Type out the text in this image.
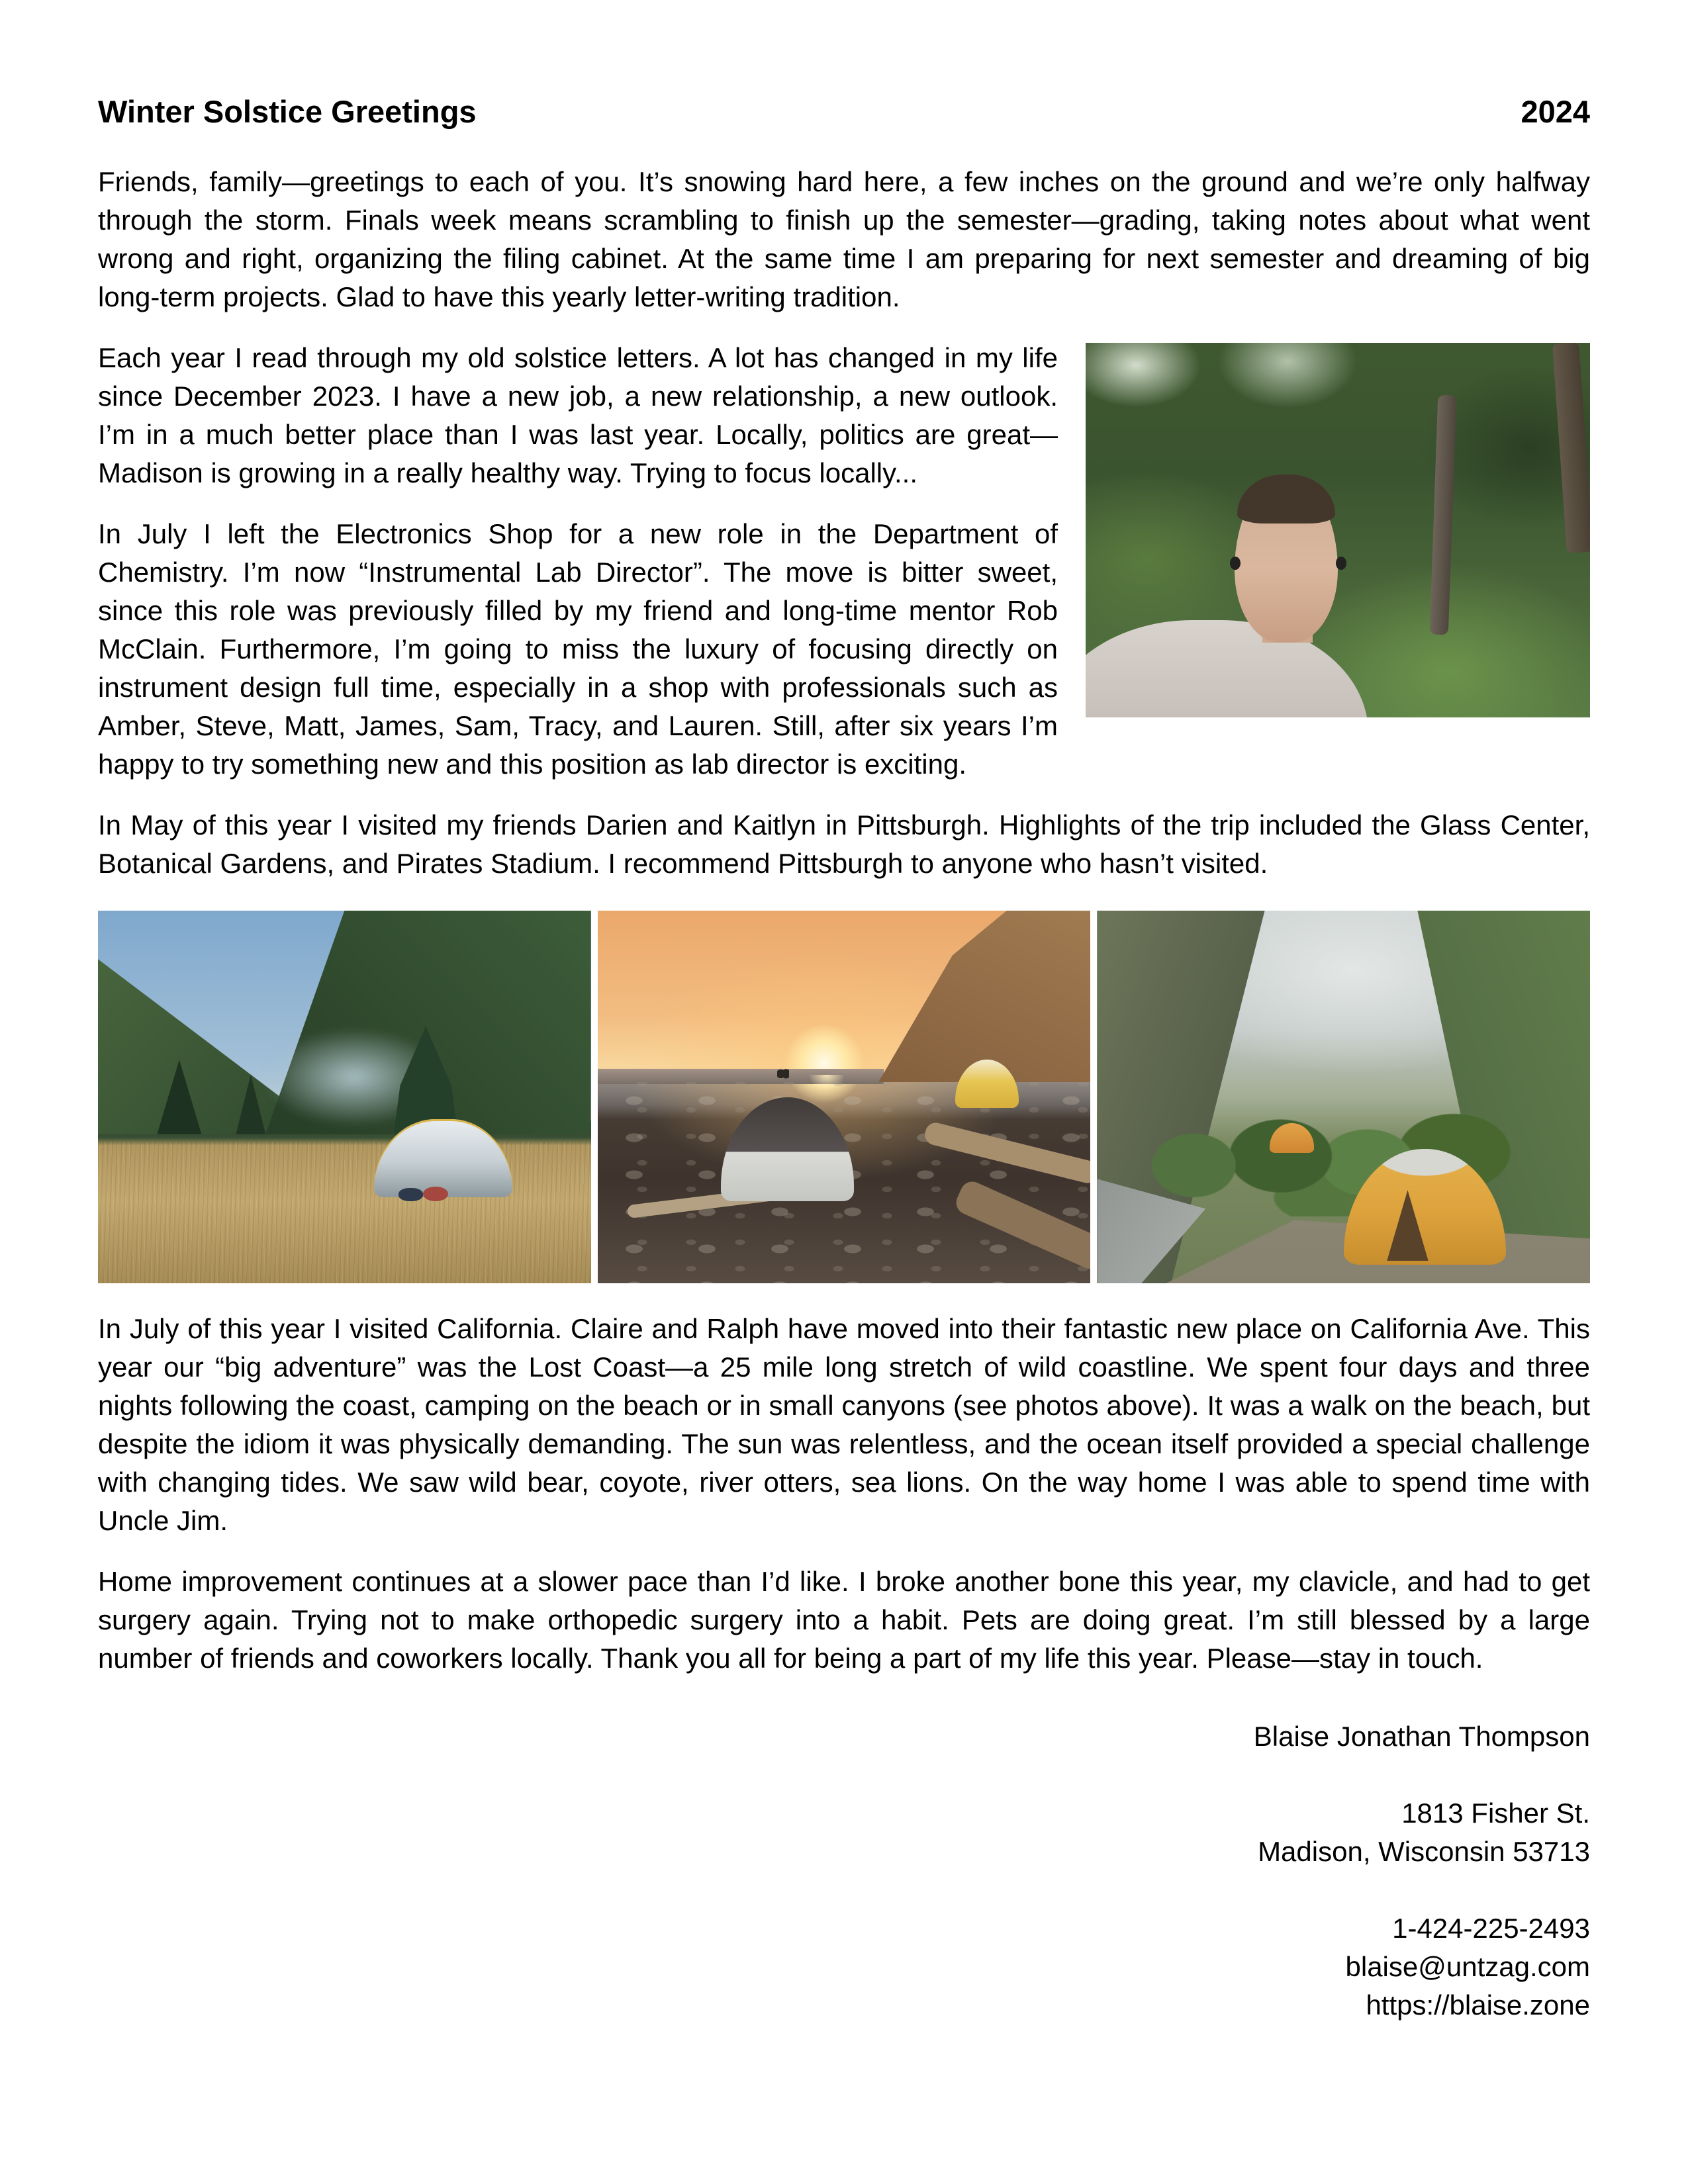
Winter Solstice Greetings	2024

Friends, family—greetings to each of you. It’s snowing hard here, a few inches on the ground and we’re only halfway through the storm. Finals week means scrambling to finish up the semester—grading, taking notes about what went wrong and right, organizing the filing cabinet. At the same time I am preparing for next semester and dreaming of big long-term projects. Glad to have this yearly letter-writing tradition.

Each year I read through my old solstice letters. A lot has changed in my life since December 2023. I have a new job, a new relationship, a new outlook. I’m in a much better place than I was last year. Locally, politics are great—Madison is growing in a really healthy way. Trying to focus locally...

In July I left the Electronics Shop for a new role in the Department of Chemistry. I’m now “Instrumental Lab Director”. The move is bitter sweet, since this role was previously filled by my friend and long-time mentor Rob McClain. Furthermore, I’m going to miss the luxury of focusing directly on instrument design full time, especially in a shop with professionals such as Amber, Steve, Matt, James, Sam, Tracy, and Lauren. Still, after six years I’m happy to try something new and this position as lab director is exciting.

In May of this year I visited my friends Darien and Kaitlyn in Pittsburgh. Highlights of the trip included the Glass Center, Botanical Gardens, and Pirates Stadium. I recommend Pittsburgh to anyone who hasn’t visited.

In July of this year I visited California. Claire and Ralph have moved into their fantastic new place on California Ave. This year our “big adventure” was the Lost Coast—a 25 mile long stretch of wild coastline. We spent four days and three nights following the coast, camping on the beach or in small canyons (see photos above). It was a walk on the beach, but despite the idiom it was physically demanding. The sun was relentless, and the ocean itself provided a special challenge with changing tides. We saw wild bear, coyote, river otters, sea lions. On the way home I was able to spend time with Uncle Jim.

Home improvement continues at a slower pace than I’d like. I broke another bone this year, my clavicle, and had to get surgery again. Trying not to make orthopedic surgery into a habit. Pets are doing great. I’m still blessed by a large number of friends and coworkers locally. Thank you all for being a part of my life this year. Please—stay in touch.

Blaise Jonathan Thompson
1813 Fisher St.
Madison, Wisconsin 53713
1-424-225-2493
blaise@untzag.com
https://blaise.zone
